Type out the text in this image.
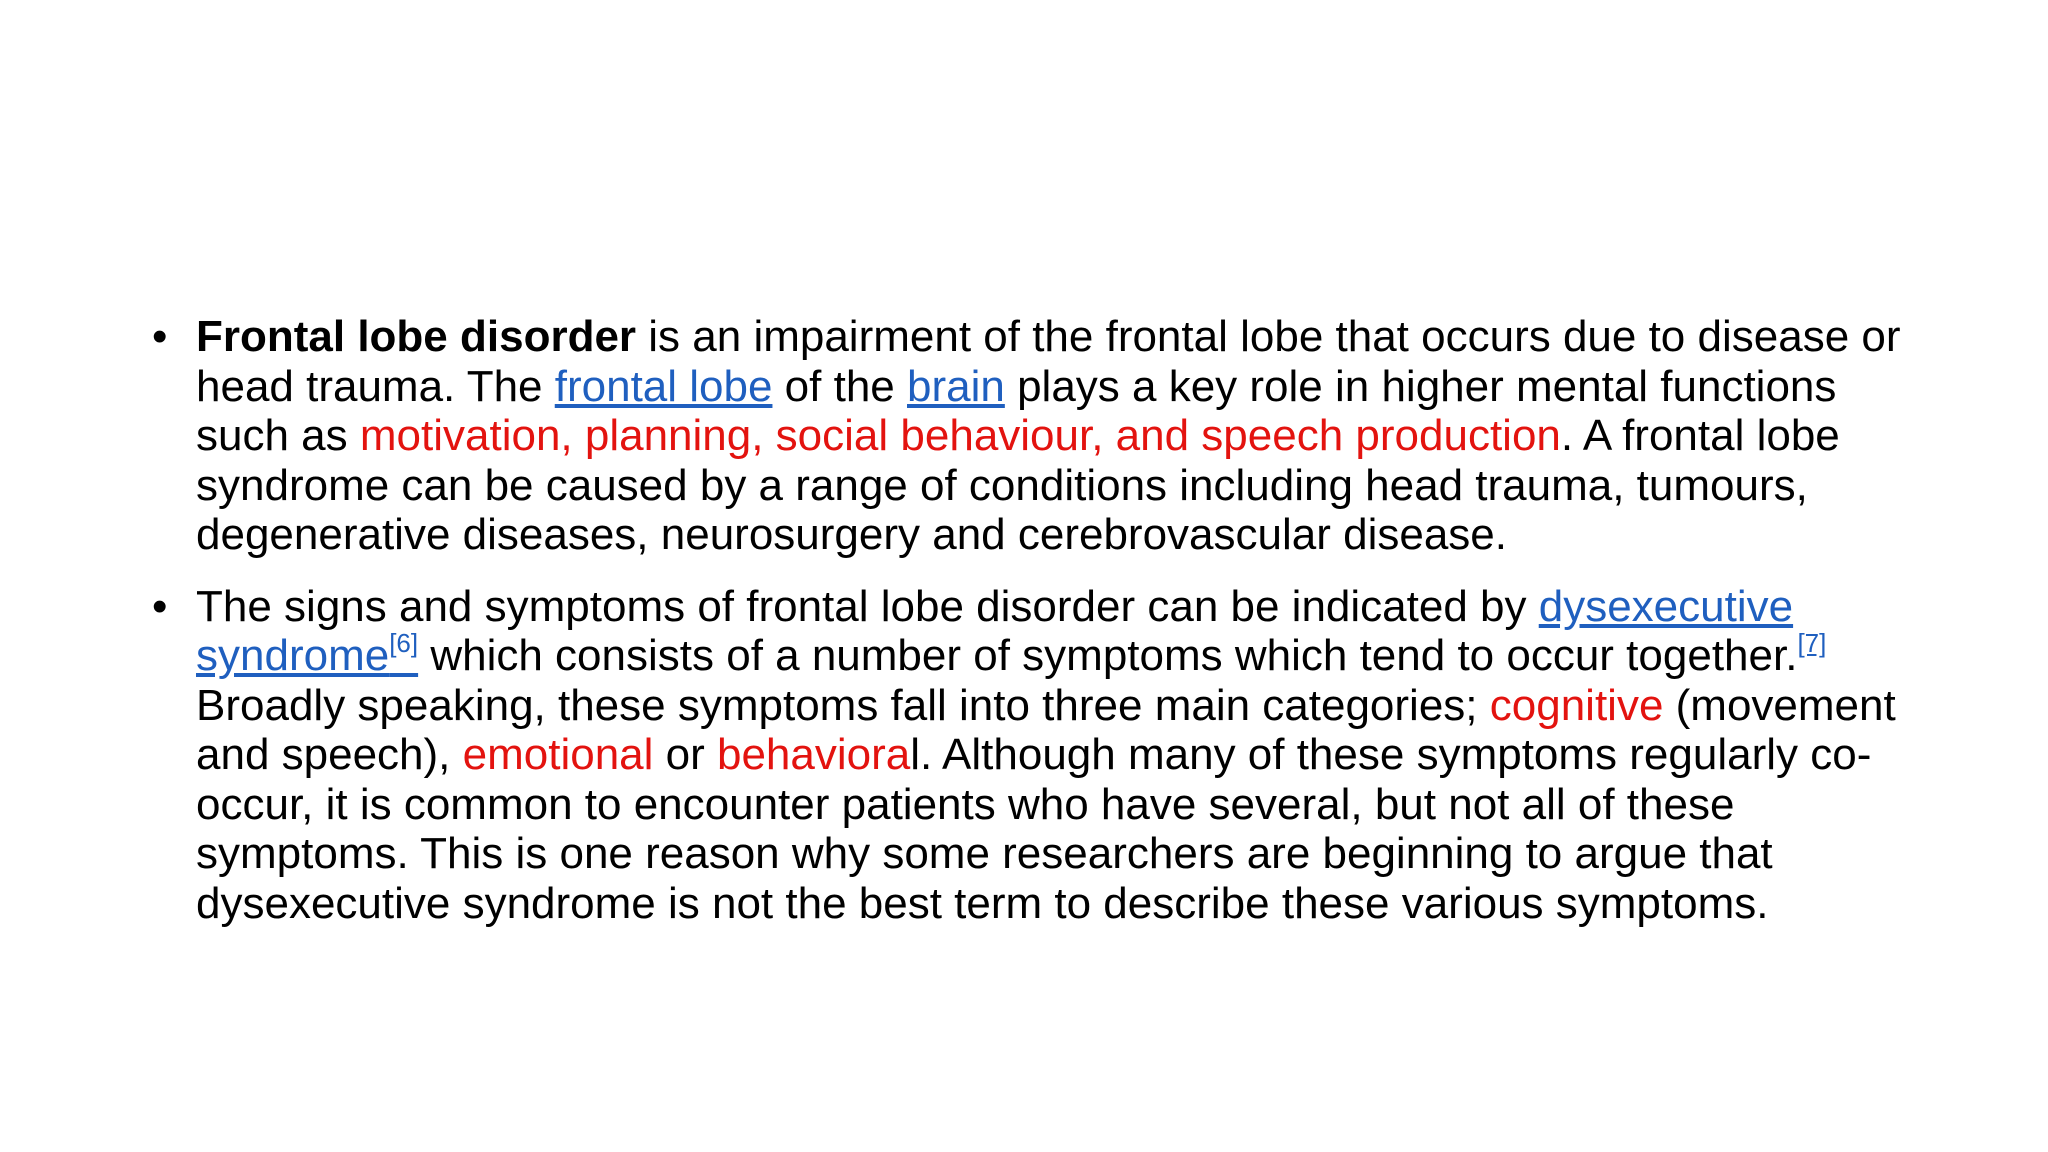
• Frontal lobe disorder is an impairment of the frontal lobe that occurs due to disease or head trauma. The frontal lobe of the brain plays a key role in higher mental functions such as motivation, planning, social behaviour, and speech production. A frontal lobe syndrome can be caused by a range of conditions including head trauma, tumours, degenerative diseases, neurosurgery and cerebrovascular disease.
• The signs and symptoms of frontal lobe disorder can be indicated by dysexecutive syndrome[6] which consists of a number of symptoms which tend to occur together.[7] Broadly speaking, these symptoms fall into three main categories; cognitive (movement and speech), emotional or behavioral. Although many of these symptoms regularly co-occur, it is common to encounter patients who have several, but not all of these symptoms. This is one reason why some researchers are beginning to argue that dysexecutive syndrome is not the best term to describe these various symptoms.
